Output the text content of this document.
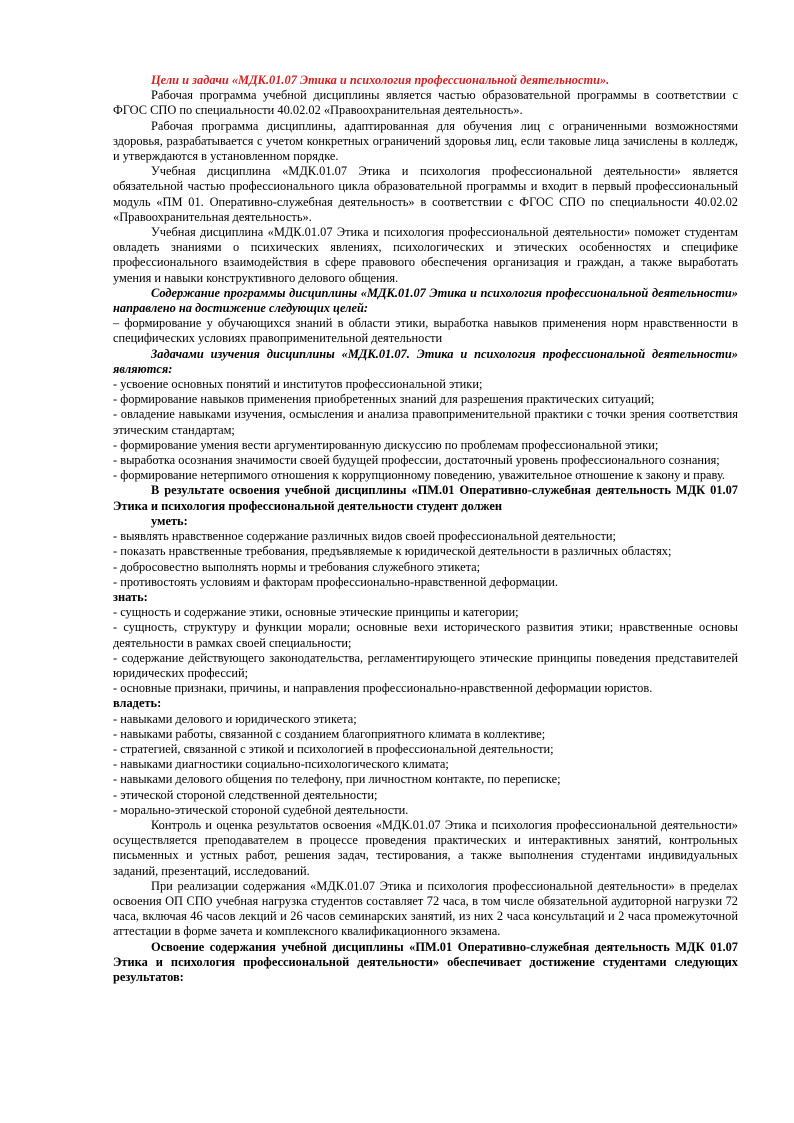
Цели и задачи «МДК.01.07 Этика и психология профессиональной деятельности».

Рабочая программа учебной дисциплины является частью образовательной программы в соответствии с ФГОС СПО по специальности 40.02.02 «Правоохранительная деятельность».

Рабочая программа дисциплины, адаптированная для обучения лиц с ограниченными возможностями здоровья, разрабатывается с учетом конкретных ограничений здоровья лиц, если таковые лица зачислены в колледж, и утверждаются в установленном порядке.

Учебная дисциплина «МДК.01.07 Этика и психология профессиональной деятельности» является обязательной частью профессионального цикла образовательной программы и входит в первый профессиональный модуль «ПМ 01. Оперативно-служебная деятельность» в соответствии с ФГОС СПО по специальности 40.02.02 «Правоохранительная деятельность».

Учебная дисциплина «МДК.01.07 Этика и психология профессиональной деятельности» поможет студентам овладеть знаниями о психических явлениях, психологических и этических особенностях и специфике профессионального взаимодействия в сфере правового обеспечения организация и граждан, а также выработать умения и навыки конструктивного делового общения.

Содержание программы дисциплины «МДК.01.07 Этика и психология профессиональной деятельности» направлено на достижение следующих целей:

– формирование у обучающихся знаний в области этики, выработка навыков применения норм нравственности в специфических условиях правоприменительной деятельности

Задачами изучения дисциплины «МДК.01.07. Этика и психология профессиональной деятельности» являются:

- усвоение основных понятий и институтов профессиональной этики;

- формирование навыков применения приобретенных знаний для разрешения практических ситуаций;

- овладение навыками изучения, осмысления и анализа правоприменительной практики с точки зрения соответствия этическим стандартам;

- формирование умения вести аргументированную дискуссию по проблемам профессиональной этики;

- выработка осознания значимости своей будущей профессии, достаточный уровень профессионального сознания;

- формирование нетерпимого отношения к коррупционному поведению, уважительное отношение к закону и праву.

В результате освоения учебной дисциплины «ПМ.01 Оперативно-служебная деятельность МДК 01.07 Этика и психология профессиональной деятельности студент должен

уметь:

- выявлять нравственное содержание различных видов своей профессиональной деятельности;

- показать нравственные требования, предъявляемые к юридической деятельности в различных областях;

- добросовестно выполнять нормы и требования служебного этикета;

- противостоять условиям и факторам профессионально-нравственной деформации.

знать:

- сущность и содержание этики, основные этические принципы и категории;

- сущность, структуру и функции морали; основные вехи исторического развития этики; нравственные основы деятельности в рамках своей специальности;

- содержание действующего законодательства, регламентирующего этические принципы поведения представителей юридических профессий;

- основные признаки, причины, и направления профессионально-нравственной деформации юристов.

владеть:

- навыками делового и юридического этикета;

- навыками работы, связанной с созданием благоприятного климата в коллективе;

- стратегией, связанной с этикой и психологией в профессиональной деятельности;

- навыками диагностики социально-психологического климата;

- навыками делового общения по телефону, при личностном контакте, по переписке;

- этической стороной следственной деятельности;

- морально-этической стороной судебной деятельности.

Контроль и оценка результатов освоения «МДК.01.07 Этика и психология профессиональной деятельности» осуществляется преподавателем в процессе проведения практических и интерактивных занятий, контрольных письменных и устных работ, решения задач, тестирования, а также выполнения студентами индивидуальных заданий, презентаций, исследований.

При реализации содержания «МДК.01.07 Этика и психология профессиональной деятельности» в пределах освоения ОП СПО учебная нагрузка студентов составляет 72 часа, в том числе обязательной аудиторной нагрузки 72 часа, включая 46 часов лекций и 26 часов семинарских занятий, из них 2 часа консультаций и 2 часа промежуточной аттестации в форме зачета и комплексного квалификационного экзамена.

Освоение содержания учебной дисциплины «ПМ.01 Оперативно-служебная деятельность МДК 01.07 Этика и психология профессиональной деятельности» обеспечивает достижение студентами следующих результатов:
